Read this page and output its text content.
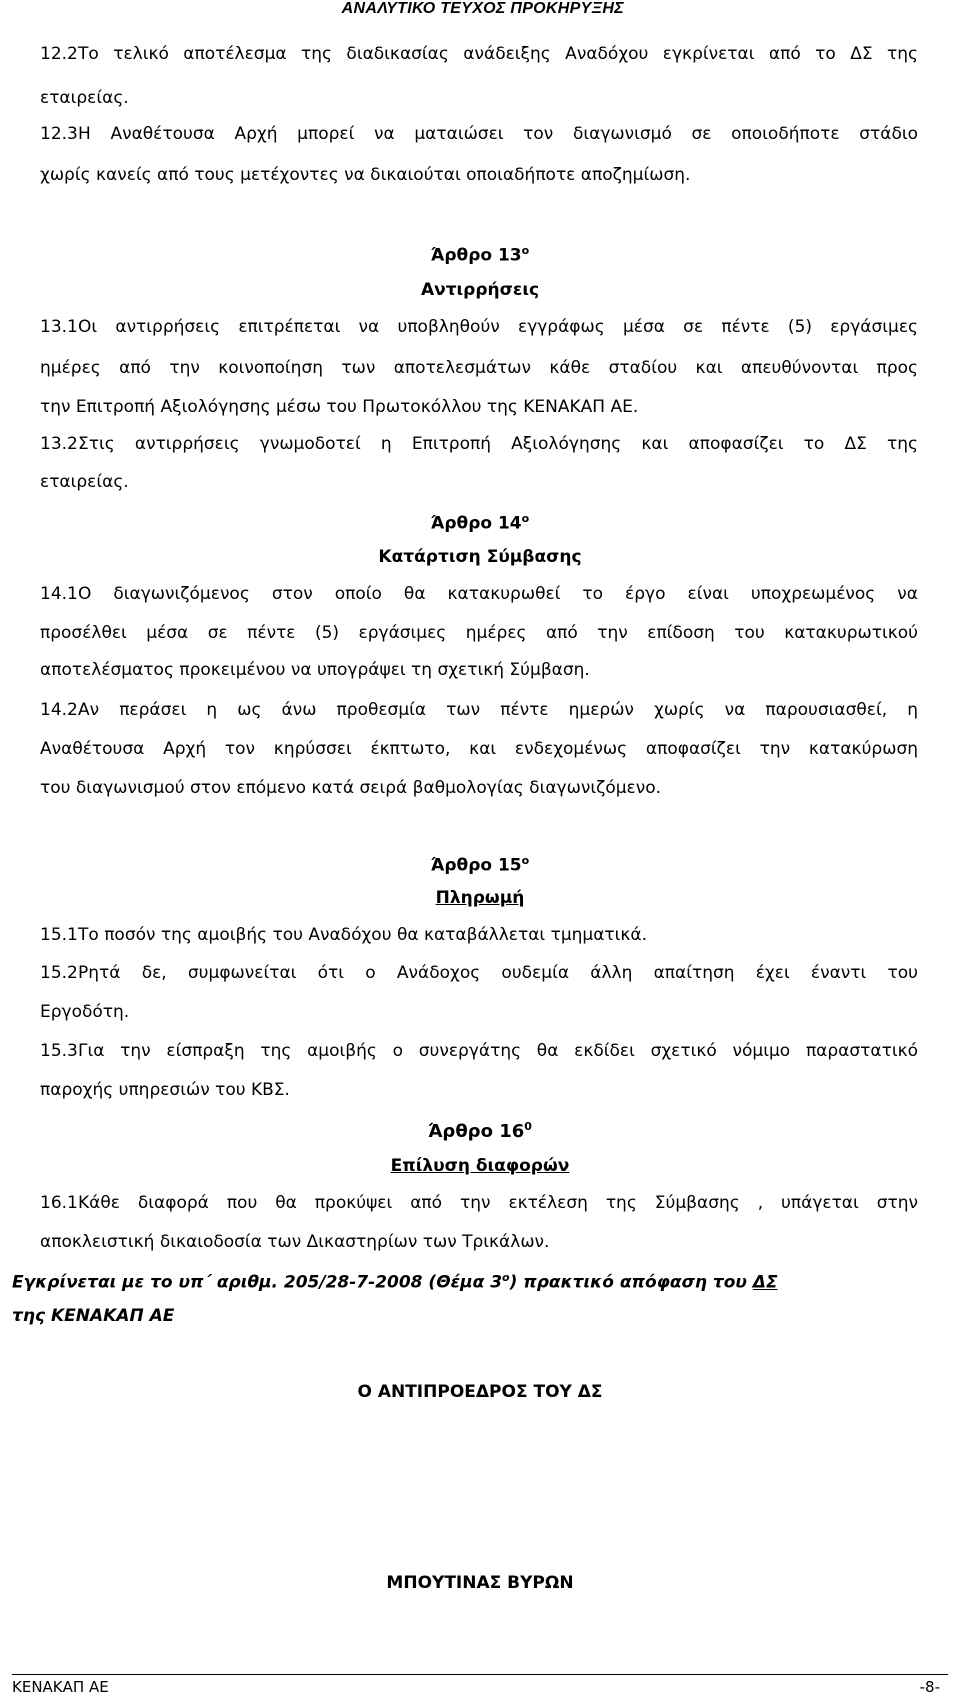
ΑΝΑΛΥΤΙΚΟ ΤΕΥΧΟΣ ΠΡΟΚΗΡΥΞΗΣ
12.2Το τελικό αποτέλεσμα της διαδικασίας ανάδειξης Αναδόχου εγκρίνεται από το ΔΣ της
εταιρείας.
12.3Η Αναθέτουσα Αρχή μπορεί να ματαιώσει τον διαγωνισμό σε οποιοδήποτε στάδιο
χωρίς κανείς από τους μετέχοντες να δικαιούται οποιαδήποτε αποζημίωση.
Άρθρο $13^o$
Αντιρρήσεις
13.1Οι αντιρρήσεις επιτρέπεται να υποβληθούν εγγράφως μέσα σε πέντε (5) εργάσιμες
ημέρες από την κοινοποίηση των αποτελεσμάτων κάθε σταδίου και απευθύνονται προς
την Επιτροπή Αξιολόγησης μέσω του Πρωτοκόλλου της ΚΕΝΑΚΑΠ ΑΕ.
13.2Στις αντιρρήσεις γνωμοδοτεί η Επιτροπή Αξιολόγησης και αποφασίζει το ΔΣ της
εταιρείας.
Άρθρο $14^o$
Κατάρτιση Σύμβασης
14.1Ο διαγωνιζόμενος στον οποίο θα κατακυρωθεί το έργο είναι υποχρεωμένος να
προσέλθει μέσα σε πέντε (5) εργάσιμες ημέρες από την επίδοση του κατακυρωτικού
αποτελέσματος προκειμένου να υπογράψει τη σχετική Σύμβαση.
14.2Αν περάσει η ως άνω προθεσμία των πέντε ημερών χωρίς να παρουσιασθεί, η
Αναθέτουσα Αρχή τον κηρύσσει έκπτωτο, και ενδεχομένως αποφασίζει την κατακύρωση
του διαγωνισμού στον επόμενο κατά σειρά βαθμολογίας διαγωνιζόμενο.
Άρθρο $15^o$
Πληρωμή
15.1Το ποσόν της αμοιβής του Αναδόχου θα καταβάλλεται τμηματικά.
15.2Ρητά δε, συμφωνείται ότι ο Ανάδοχος ουδεμία άλλη απαίτηση έχει έναντι του
Εργοδότη.
15.3Για την είσπραξη της αμοιβής ο συνεργάτης θα εκδίδει σχετικό νόμιμο παραστατικό
παροχής υπηρεσιών του ΚΒΣ.
Άρθρο $16^0$
Επίλυση διαφορών
16.1Κάθε διαφορά που θα προκύψει από την εκτέλεση της Σύμβασης , υπάγεται στην
αποκλειστική δικαιοδοσία των Δικαστηρίων των Τρικάλων.
Εγκρίνεται με το υπ΄ αριθμ. 205/28-7-2008 (Θέμα $3^o$) πρακτικό απόφαση του ΔΣ
της ΚΕΝΑΚΑΠ ΑΕ
Ο ΑΝΤΙΠΡΟΕΔΡΟΣ ΤΟΥ ΔΣ
ΜΠΟΥΤΙΝΑΣ ΒΥΡΩΝ
ΚΕΝΑΚΑΠ ΑΕ	-8-
